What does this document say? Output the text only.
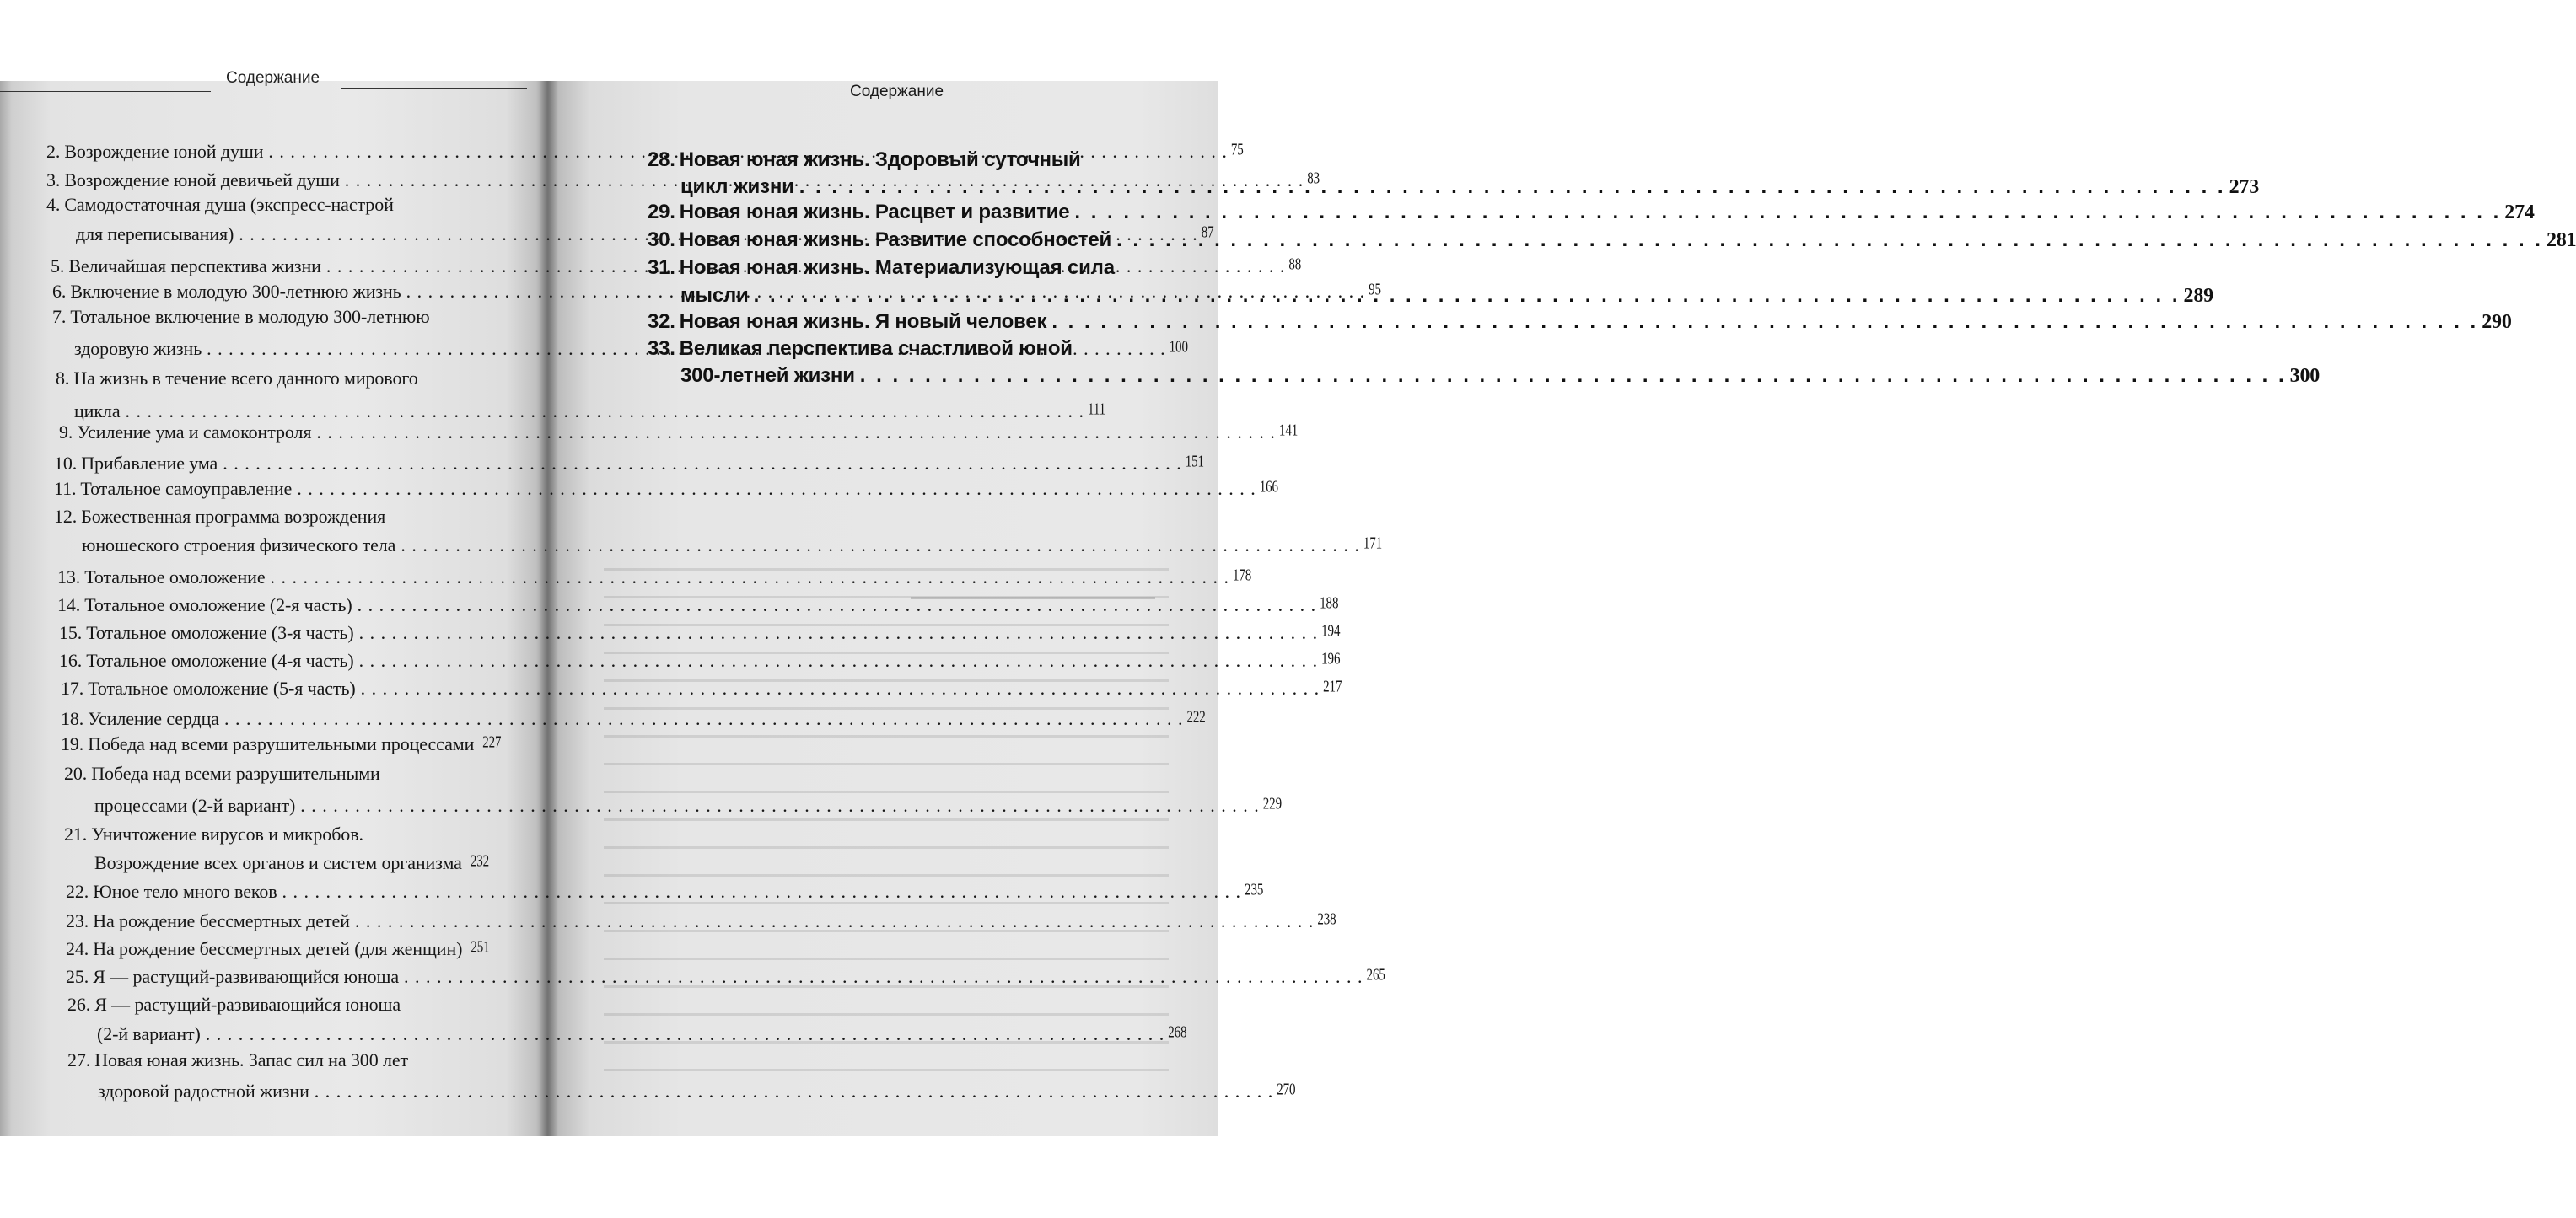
Содержание
Содержание
2. Возрождение юной души . . .	75
3. Возрождение юной девичьей души . . .	83
4. Самодостаточная душа (экспресс-настрой
для переписывания) . . .	87
5. Величайшая перспектива жизни . . .	88
6. Включение в молодую 300-летнюю жизнь . . .	95
7. Тотальное включение в молодую 300-летнюю
здоровую жизнь . . .	100
8. На жизнь в течение всего данного мирового
цикла . . .	111
9. Усиление ума и самоконтроля . . .	141
10. Прибавление ума . . .	151
11. Тотальное самоуправление . . .	166
12. Божественная программа возрождения
юношеского строения физического тела . . .	171
13. Тотальное омоложение . . .	178
14. Тотальное омоложение (2-я часть) . . .	188
15. Тотальное омоложение (3-я часть) . . .	194
16. Тотальное омоложение (4-я часть) . . .	196
17. Тотальное омоложение (5-я часть) . . .	217
18. Усиление сердца . . .	222
19. Победа над всеми разрушительными процессами 227
20. Победа над всеми разрушительными
процессами (2-й вариант) . . .	229
21. Уничтожение вирусов и микробов.
Возрождение всех органов и систем организма 232
22. Юное тело много веков . . .	235
23. На рождение бессмертных детей . . .	238
24. На рождение бессмертных детей (для женщин) 251
25. Я — растущий-развивающийся юноша . . .	265
26. Я — растущий-развивающийся юноша
(2-й вариант) . . .	268
27. Новая юная жизнь. Запас сил на 300 лет
здоровой радостной жизни . . .	270
28. Новая юная жизнь. Здоровый суточный
цикл жизни . . .	273
29. Новая юная жизнь. Расцвет и развитие . . .	274
30. Новая юная жизнь. Развитие способностей . . .	281
31. Новая юная жизнь. Материализующая сила
мысли . . .	289
32. Новая юная жизнь. Я новый человек . . .	290
33. Великая перспектива счастливой юной
300-летней жизни . . .	300
